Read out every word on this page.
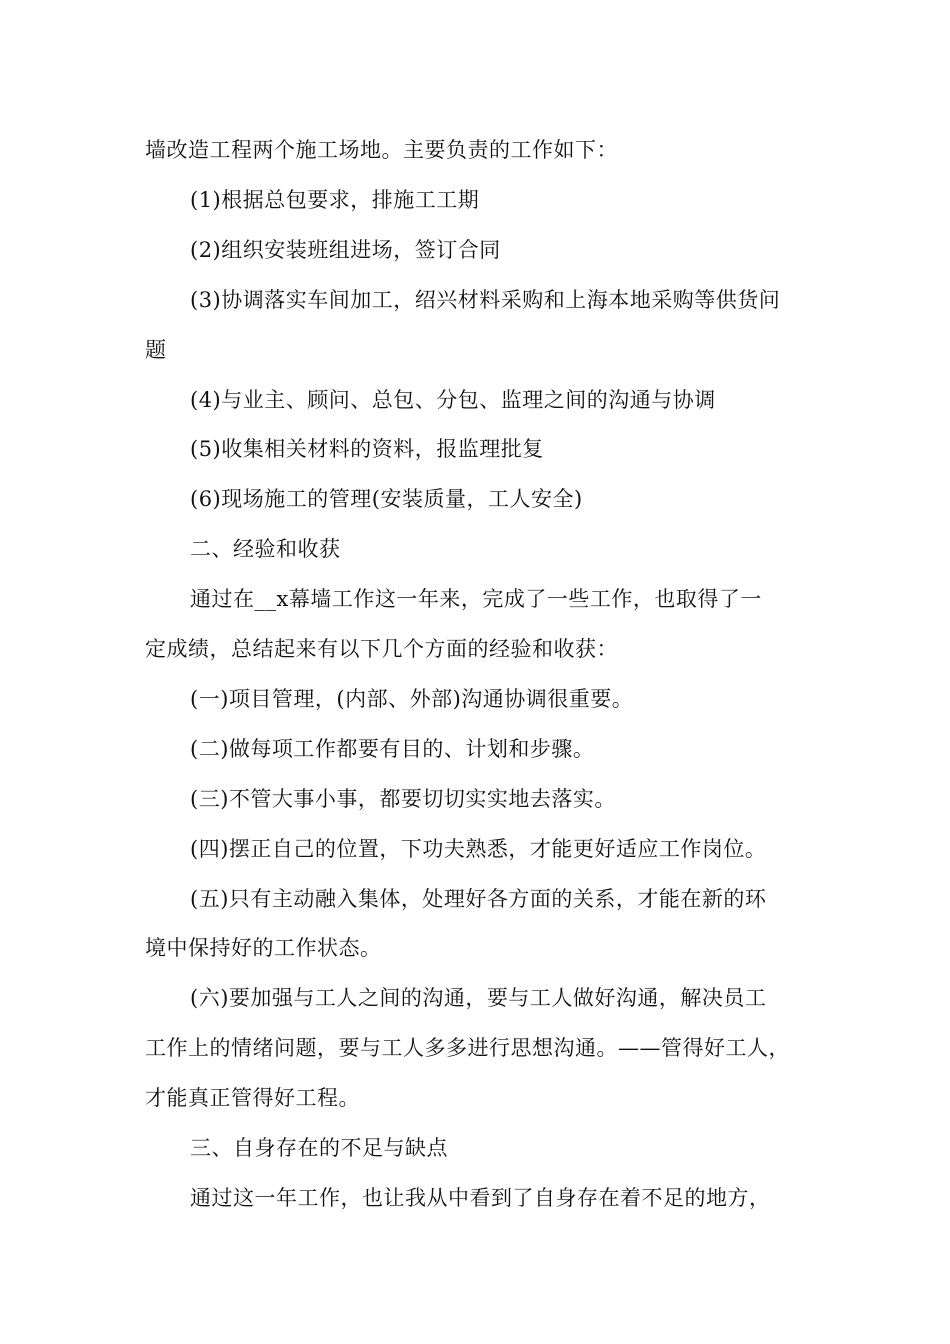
墙改造工程两个施工场地。主要负责的工作如下：
(1)根据总包要求，排施工工期
(2)组织安装班组进场，签订合同
(3)协调落实车间加工，绍兴材料采购和上海本地采购等供货问
题
(4)与业主、顾问、总包、分包、监理之间的沟通与协调
(5)收集相关材料的资料，报监理批复
(6)现场施工的管理(安装质量，工人安全)
二、经验和收获
通过在__x幕墙工作这一年来，完成了一些工作，也取得了一
定成绩，总结起来有以下几个方面的经验和收获：
(一)项目管理，(内部、外部)沟通协调很重要。
(二)做每项工作都要有目的、计划和步骤。
(三)不管大事小事，都要切切实实地去落实。
(四)摆正自己的位置，下功夫熟悉，才能更好适应工作岗位。
(五)只有主动融入集体，处理好各方面的关系，才能在新的环
境中保持好的工作状态。
(六)要加强与工人之间的沟通，要与工人做好沟通，解决员工
工作上的情绪问题，要与工人多多进行思想沟通。——管得好工人，
才能真正管得好工程。
三、自身存在的不足与缺点
通过这一年工作，也让我从中看到了自身存在着不足的地方，
